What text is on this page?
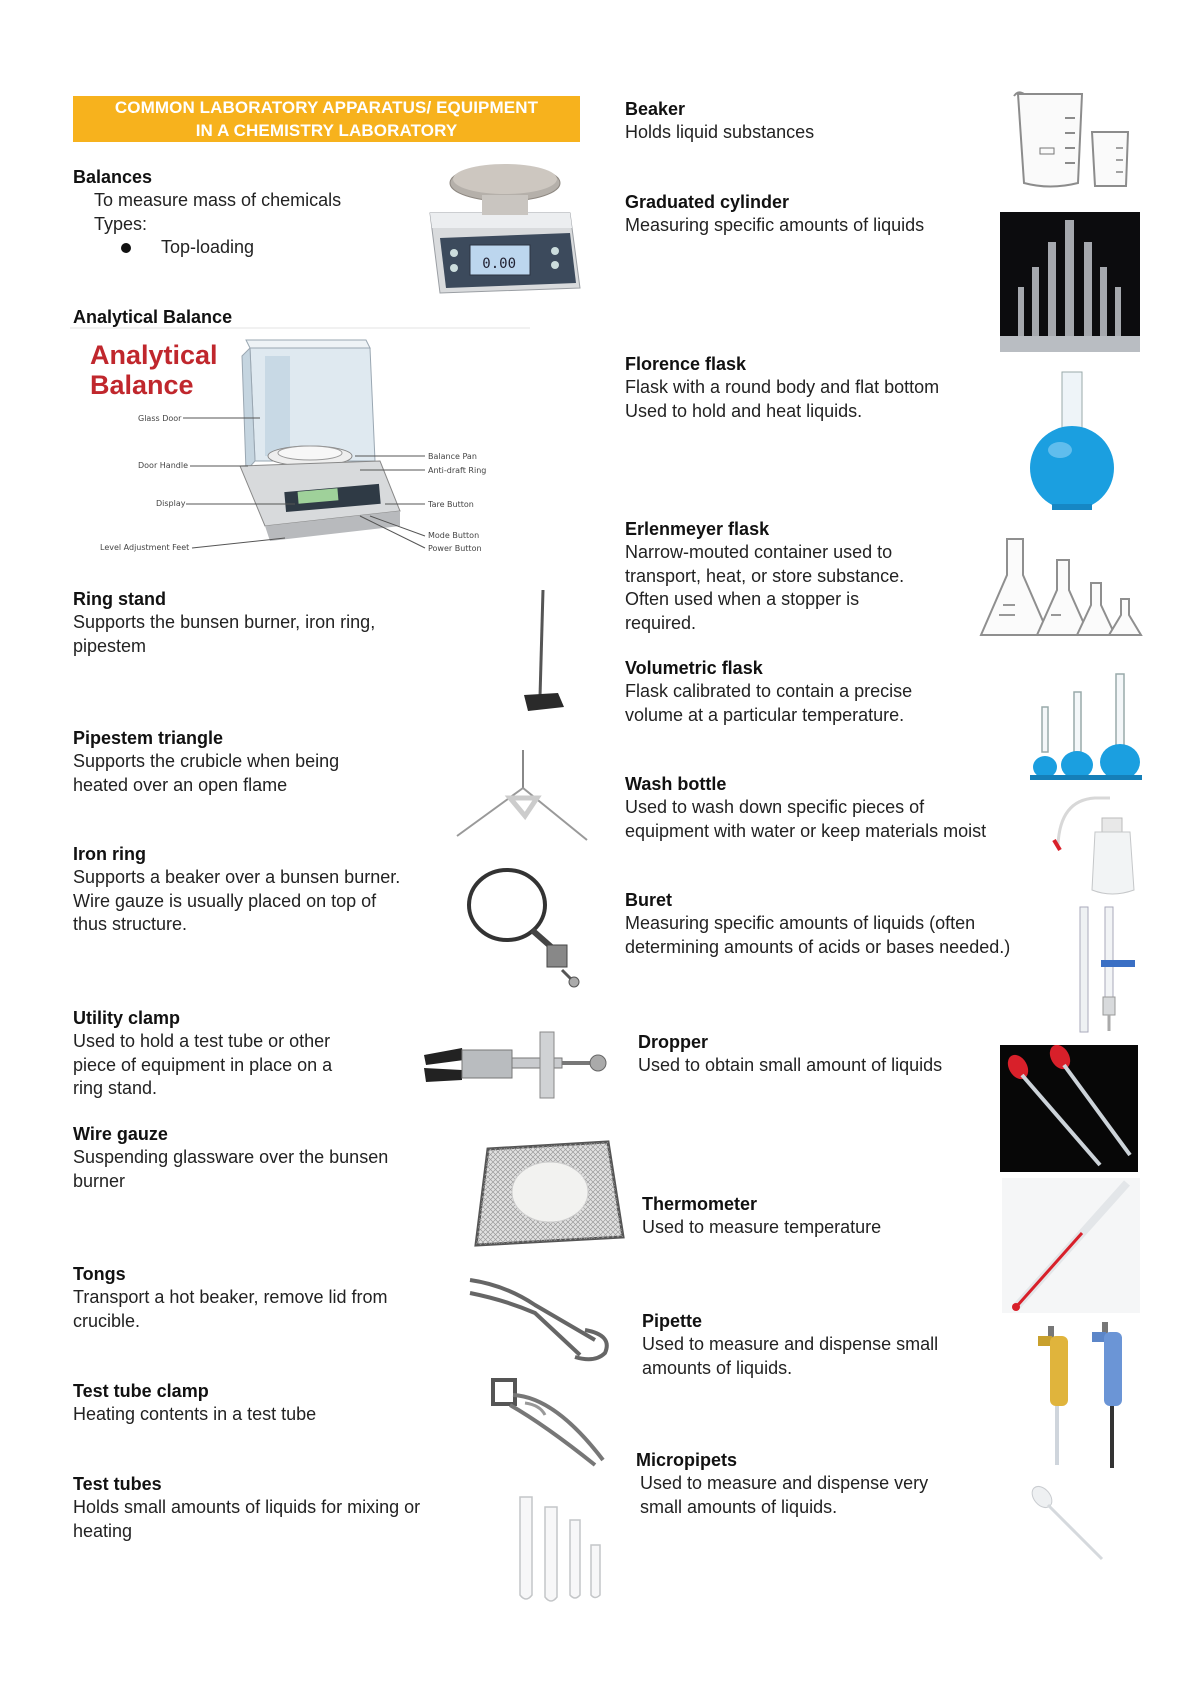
COMMON LABORATORY APPARATUS/ EQUIPMENT
IN A CHEMISTRY LABORATORY
Balances
To measure mass of chemicals
Types:
Top-loading
0.00
Analytical Balance
Analytical
Balance
Glass Door
Door Handle
Display
Level Adjustment Feet
Balance Pan
Anti-draft Ring
Tare Button
Mode Button
Power Button
Ring stand
Supports the bunsen burner, iron ring,
pipestem
Pipestem triangle
Supports the crubicle when being
heated over an open flame
Iron ring
Supports a beaker over a bunsen burner.
Wire gauze is usually placed on top of
thus structure.
Utility clamp
Used to hold a test tube or other
piece of equipment in place on a
ring stand.
Wire gauze
Suspending glassware over the bunsen
burner
Tongs
Transport a hot beaker, remove lid from
crucible.
Test tube clamp
Heating contents in a test tube
Test tubes
Holds small amounts of liquids for mixing or
heating
Beaker
Holds liquid substances
Graduated cylinder
Measuring specific amounts of liquids
Florence flask
Flask with a round body and flat bottom
Used to hold and heat liquids.
Erlenmeyer flask
Narrow-mouted container used to
transport, heat, or store substance.
Often used when a stopper is
required.
Volumetric flask
Flask calibrated to contain a precise
volume at a particular temperature.
Wash bottle
Used to wash down specific pieces of
equipment with water or keep materials moist
Buret
Measuring specific amounts of liquids (often
determining amounts of acids or bases needed.)
Dropper
Used to obtain small amount of liquids
Thermometer
Used to measure temperature
Pipette
Used to measure and dispense small
amounts of liquids.
Micropipets
Used to measure and dispense very
small amounts of liquids.
